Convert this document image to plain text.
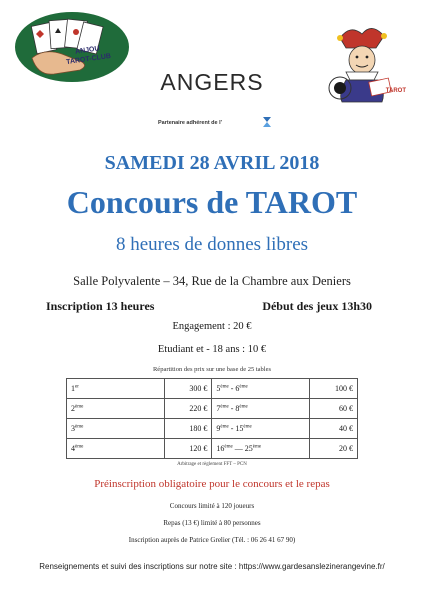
ANJOU
TAROT-CLUB
TAROT
ANGERS
Partenaire adhérent de l'
SAMEDI 28 AVRIL 2018
Concours de TAROT
8 heures de donnes libres
Salle Polyvalente – 34, Rue de la Chambre aux Deniers
Inscription 13 heures	Début des jeux 13h30
Engagement : 20 €
Etudiant et - 18 ans : 10 €
Répartition des prix sur une base de 25 tables
1er	300 €	5ème - 6ème	100 €
2ème	220 €	7ème - 8ème	60 €
3ème	180 €	9ème - 15ème	40 €
4ème	120 €	16ème — 25ème	20 €
Arbitrage et règlement FFT – PCN
Préinscription obligatoire pour le concours et le repas
Concours limité à 120 joueurs
Repas (13 €) limité à 80 personnes
Inscription auprès de Patrice Grelier (Tél. : 06 26 41 67 90)
Renseignements et suivi des inscriptions sur notre site : https://www.gardesanslezinerangevine.fr/
